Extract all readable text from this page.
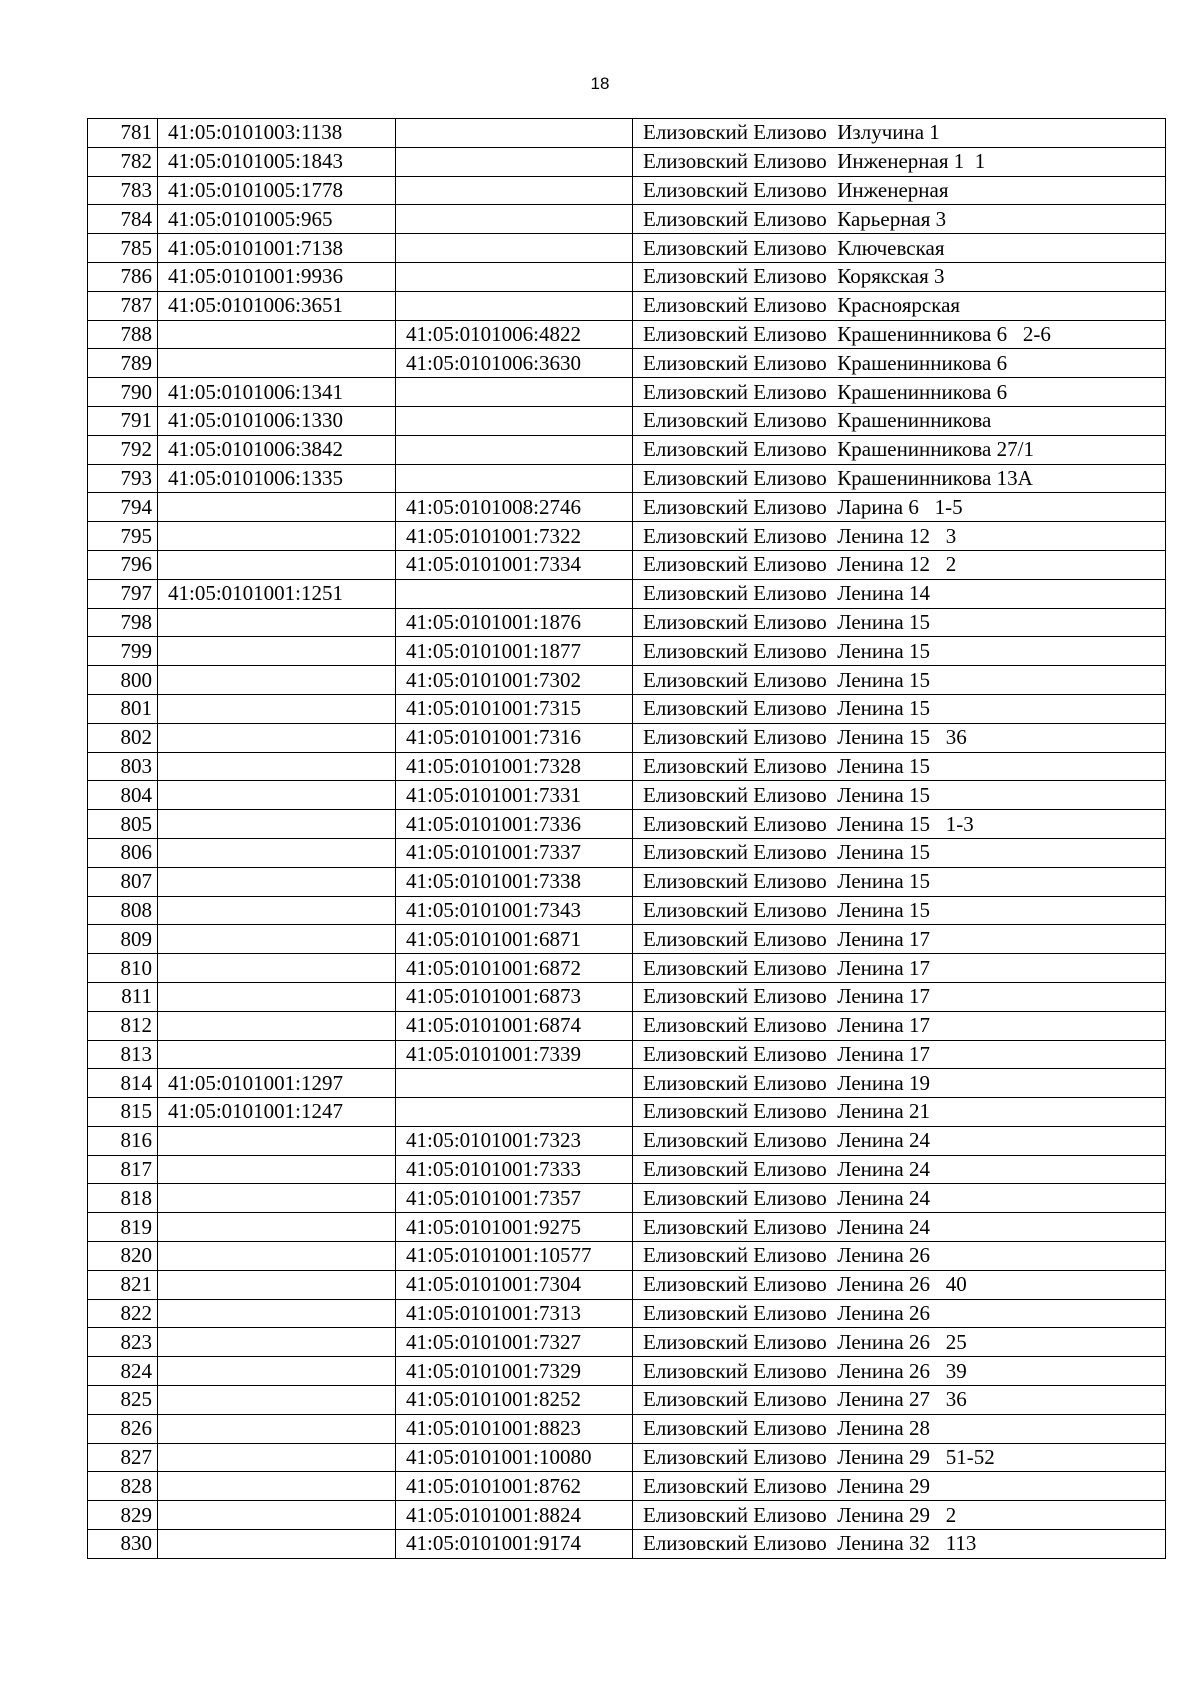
18
781	41:05:0101003:1138		Елизовский Елизово  Излучина 1
782	41:05:0101005:1843		Елизовский Елизово  Инженерная 1  1
783	41:05:0101005:1778		Елизовский Елизово  Инженерная
784	41:05:0101005:965		Елизовский Елизово  Карьерная 3
785	41:05:0101001:7138		Елизовский Елизово  Ключевская
786	41:05:0101001:9936		Елизовский Елизово  Корякская 3
787	41:05:0101006:3651		Елизовский Елизово  Красноярская
788		41:05:0101006:4822	Елизовский Елизово  Крашенинникова 6   2-6
789		41:05:0101006:3630	Елизовский Елизово  Крашенинникова 6
790	41:05:0101006:1341		Елизовский Елизово  Крашенинникова 6
791	41:05:0101006:1330		Елизовский Елизово  Крашенинникова
792	41:05:0101006:3842		Елизовский Елизово  Крашенинникова 27/1
793	41:05:0101006:1335		Елизовский Елизово  Крашенинникова 13А
794		41:05:0101008:2746	Елизовский Елизово  Ларина 6   1-5
795		41:05:0101001:7322	Елизовский Елизово  Ленина 12   3
796		41:05:0101001:7334	Елизовский Елизово  Ленина 12   2
797	41:05:0101001:1251		Елизовский Елизово  Ленина 14
798		41:05:0101001:1876	Елизовский Елизово  Ленина 15
799		41:05:0101001:1877	Елизовский Елизово  Ленина 15
800		41:05:0101001:7302	Елизовский Елизово  Ленина 15
801		41:05:0101001:7315	Елизовский Елизово  Ленина 15
802		41:05:0101001:7316	Елизовский Елизово  Ленина 15   36
803		41:05:0101001:7328	Елизовский Елизово  Ленина 15
804		41:05:0101001:7331	Елизовский Елизово  Ленина 15
805		41:05:0101001:7336	Елизовский Елизово  Ленина 15   1-3
806		41:05:0101001:7337	Елизовский Елизово  Ленина 15
807		41:05:0101001:7338	Елизовский Елизово  Ленина 15
808		41:05:0101001:7343	Елизовский Елизово  Ленина 15
809		41:05:0101001:6871	Елизовский Елизово  Ленина 17
810		41:05:0101001:6872	Елизовский Елизово  Ленина 17
811		41:05:0101001:6873	Елизовский Елизово  Ленина 17
812		41:05:0101001:6874	Елизовский Елизово  Ленина 17
813		41:05:0101001:7339	Елизовский Елизово  Ленина 17
814	41:05:0101001:1297		Елизовский Елизово  Ленина 19
815	41:05:0101001:1247		Елизовский Елизово  Ленина 21
816		41:05:0101001:7323	Елизовский Елизово  Ленина 24
817		41:05:0101001:7333	Елизовский Елизово  Ленина 24
818		41:05:0101001:7357	Елизовский Елизово  Ленина 24
819		41:05:0101001:9275	Елизовский Елизово  Ленина 24
820		41:05:0101001:10577	Елизовский Елизово  Ленина 26
821		41:05:0101001:7304	Елизовский Елизово  Ленина 26   40
822		41:05:0101001:7313	Елизовский Елизово  Ленина 26
823		41:05:0101001:7327	Елизовский Елизово  Ленина 26   25
824		41:05:0101001:7329	Елизовский Елизово  Ленина 26   39
825		41:05:0101001:8252	Елизовский Елизово  Ленина 27   36
826		41:05:0101001:8823	Елизовский Елизово  Ленина 28
827		41:05:0101001:10080	Елизовский Елизово  Ленина 29   51-52
828		41:05:0101001:8762	Елизовский Елизово  Ленина 29
829		41:05:0101001:8824	Елизовский Елизово  Ленина 29   2
830		41:05:0101001:9174	Елизовский Елизово  Ленина 32   113
